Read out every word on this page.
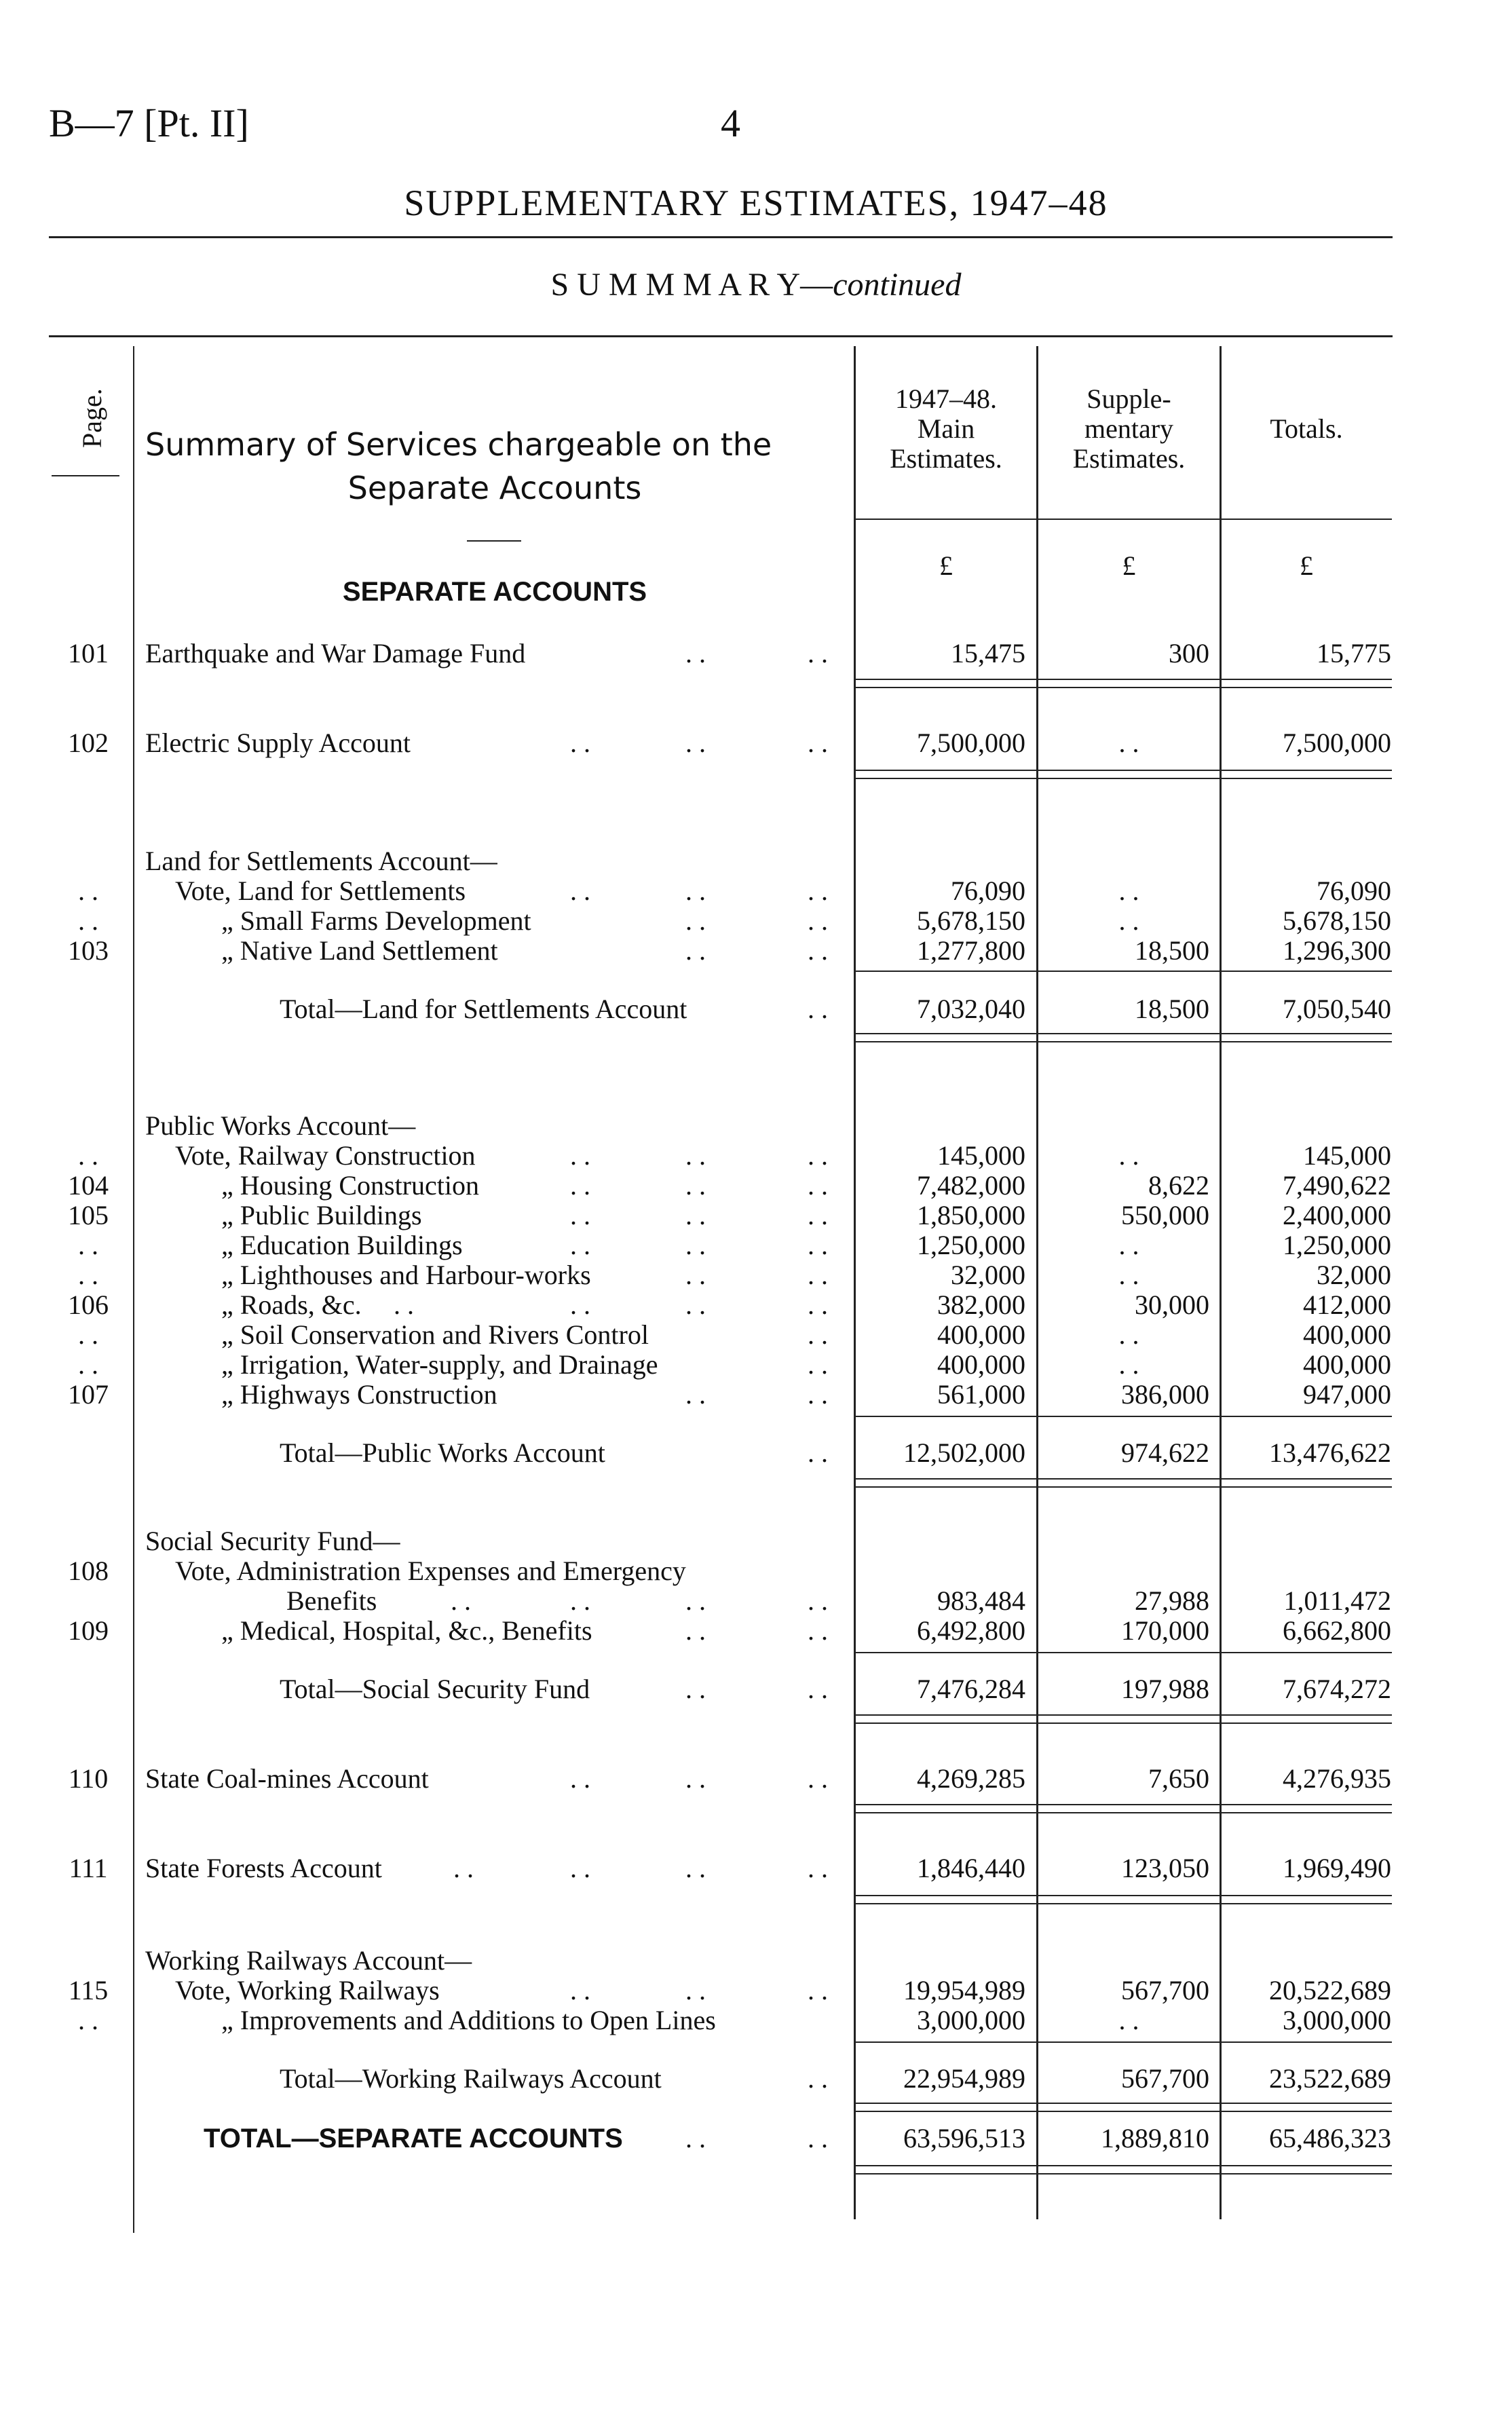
B—7 [Pt. II]	4
SUPPLEMENTARY ESTIMATES, 1947–48
S U M M M A R Y—continued
Page. Summary of Services chargeable on the
Separate Accounts
1947–48.
Main
Estimates.
Supple-
mentary
Estimates.
Totals.
£	£	£
SEPARATE ACCOUNTS
101	Earthquake and War Damage Fund	. .	. .	15,475	300	15,775
102	Electric Supply Account	. .	. .	. .	7,500,000	. .	7,500,000
Land for Settlements Account—
. .	Vote, Land for Settlements	. .	. .	. .	76,090	. .	76,090
. .	„ Small Farms Development	. .	. .	5,678,150	. .	5,678,150
103	„ Native Land Settlement	. .	. .	1,277,800	18,500	1,296,300
Total—Land for Settlements Account	. .	7,032,040	18,500	7,050,540
Public Works Account—
. .	Vote, Railway Construction	. .	. .	. .	145,000	. .	145,000
104	„ Housing Construction	. .	. .	. .	7,482,000	8,622	7,490,622
105	„ Public Buildings	. .	. .	. .	1,850,000	550,000	2,400,000
. .	„ Education Buildings	. .	. .	. .	1,250,000	. .	1,250,000
. .	„ Lighthouses and Harbour-works	. .	. .	32,000	. .	32,000
106	„ Roads, &c. . .	. .	. .	. .	382,000	30,000	412,000
. .	„ Soil Conservation and Rivers Control	. .	400,000	. .	400,000
. .	„ Irrigation, Water-supply, and Drainage	. .	400,000	. .	400,000
107	„ Highways Construction	. .	. .	561,000	386,000	947,000
Total—Public Works Account	. .	12,502,000	974,622	13,476,622
Social Security Fund—
108	Vote, Administration Expenses and Emergency
Benefits	. .	. .	. .	. .	983,484	27,988	1,011,472
109	„ Medical, Hospital, &c., Benefits	. .	. .	6,492,800	170,000	6,662,800
Total—Social Security Fund	. .	. .	7,476,284	197,988	7,674,272
110	State Coal-mines Account	. .	. .	. .	4,269,285	7,650	4,276,935
111	State Forests Account	. .	. .	. .	. .	1,846,440	123,050	1,969,490
Working Railways Account—
115	Vote, Working Railways	. .	. .	. .	19,954,989	567,700	20,522,689
. .	„ Improvements and Additions to Open Lines	3,000,000	. .	3,000,000
Total—Working Railways Account	. .	22,954,989	567,700	23,522,689
TOTAL—SEPARATE ACCOUNTS . .	. .	63,596,513	1,889,810	65,486,323
